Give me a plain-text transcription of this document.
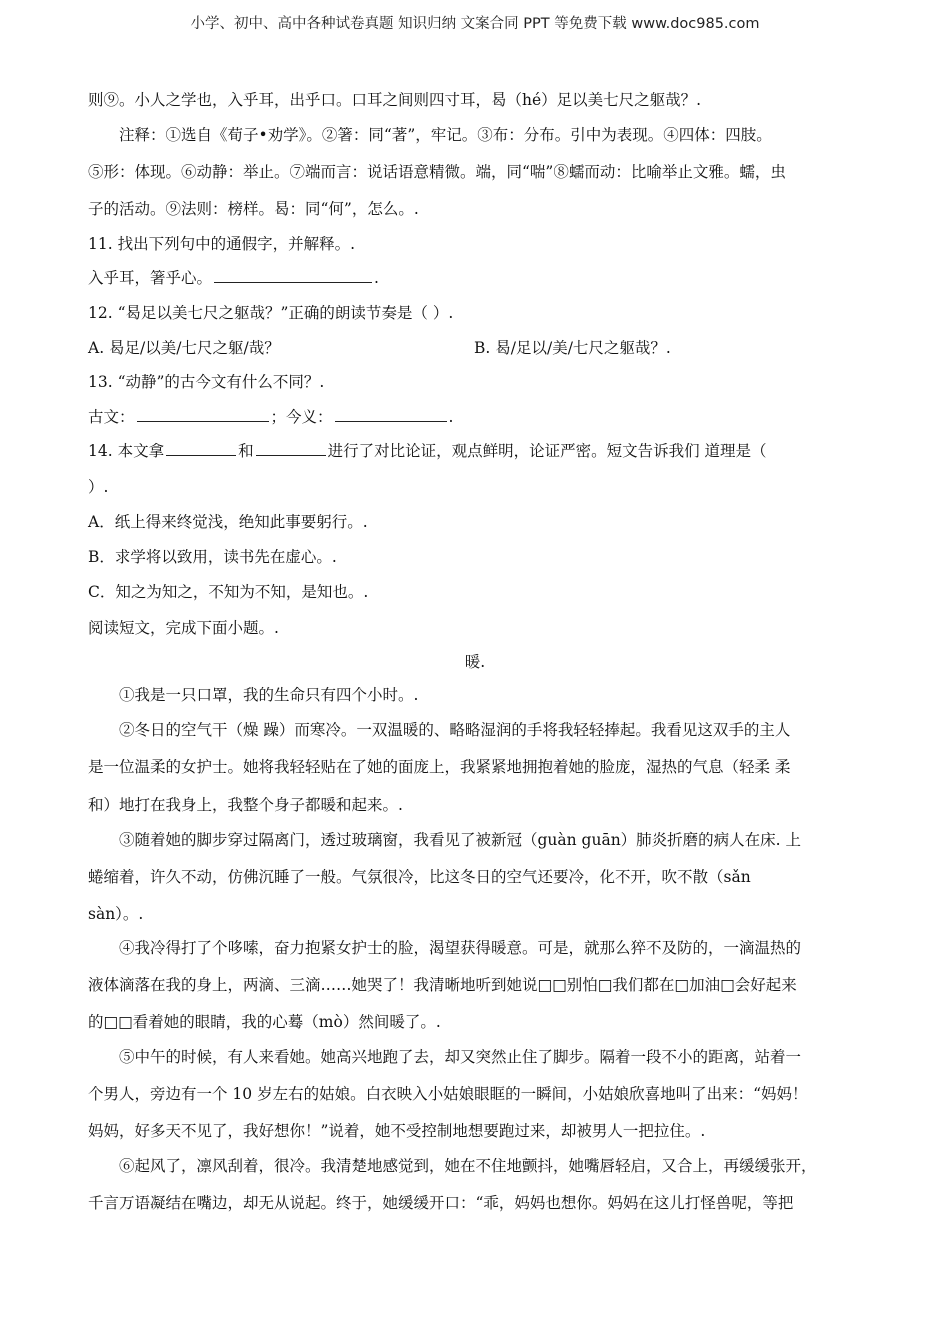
小学、初中、高中各种试卷真题 知识归纳 文案合同 PPT 等免费下载 www.doc985.com
则⑨。小人之学也，入乎耳，出乎口。口耳之间则四寸耳，曷（hé）足以美七尺之躯哉？.
注释：①选自《荀子•劝学》。②箸：同“著”，牢记。③布：分布。引中为表现。④四体：四肢。
⑤形：体现。⑥动静：举止。⑦端而言：说话语意精微。端，同“喘”⑧蠕而动：比喻举止文雅。蠕，虫
子的活动。⑨法则：榜样。曷：同“何”，怎么。.
11. 找出下列句中的通假字，并解释。.
入乎耳，箸乎心。	.
12. “曷足以美七尺之躯哉？”正确的朗读节奏是（ ）.
A. 曷足/以美/七尺之躯/哉？	B. 曷/足以/美/七尺之躯哉？.
13. “动静”的古今文有什么不同？.
古文：	；今义：	.
14. 本文拿	和	进行了对比论证，观点鲜明，论证严密。短文告诉我们 道理是（
）.
A．纸上得来终觉浅，绝知此事要躬行。.
B．求学将以致用，读书先在虚心。.
C．知之为知之，不知为不知，是知也。.
阅读短文，完成下面小题。.
暖.
①我是一只口罩，我的生命只有四个小时。.
②冬日的空气干（燥 躁）而寒冷。一双温暖的、略略湿润的手将我轻轻捧起。我看见这双手的主人
是一位温柔的女护士。她将我轻轻贴在了她的面庞上，我紧紧地拥抱着她的脸庞，湿热的气息（轻柔 柔
和）地打在我身上，我整个身子都暖和起来。.
③随着她的脚步穿过隔离门，透过玻璃窗，我看见了被新冠（guàn guān）肺炎折磨的病人在床. 上
蜷缩着，许久不动，仿佛沉睡了一般。气氛很冷，比这冬日的空气还要冷，化不开，吹不散（sǎn
sàn）。.
④我冷得打了个哆嗦，奋力抱紧女护士的脸，渴望获得暖意。可是，就那么猝不及防的，一滴温热的
液体滴落在我的身上，两滴、三滴……她哭了！我清晰地听到她说□□别怕□我们都在□加油□会好起来
的□□看着她的眼睛，我的心蓦（mò）然间暖了。.
⑤中午的时候，有人来看她。她高兴地跑了去，却又突然止住了脚步。隔着一段不小的距离，站着一
个男人，旁边有一个 10 岁左右的姑娘。白衣映入小姑娘眼眶的一瞬间，小姑娘欣喜地叫了出来：“妈妈！
妈妈，好多天不见了，我好想你！”说着，她不受控制地想要跑过来，却被男人一把拉住。.
⑥起风了，凛风刮着，很冷。我清楚地感觉到，她在不住地颤抖，她嘴唇轻启，又合上，再缓缓张开，
千言万语凝结在嘴边，却无从说起。终于，她缓缓开口：“乖，妈妈也想你。妈妈在这儿打怪兽呢，等把
